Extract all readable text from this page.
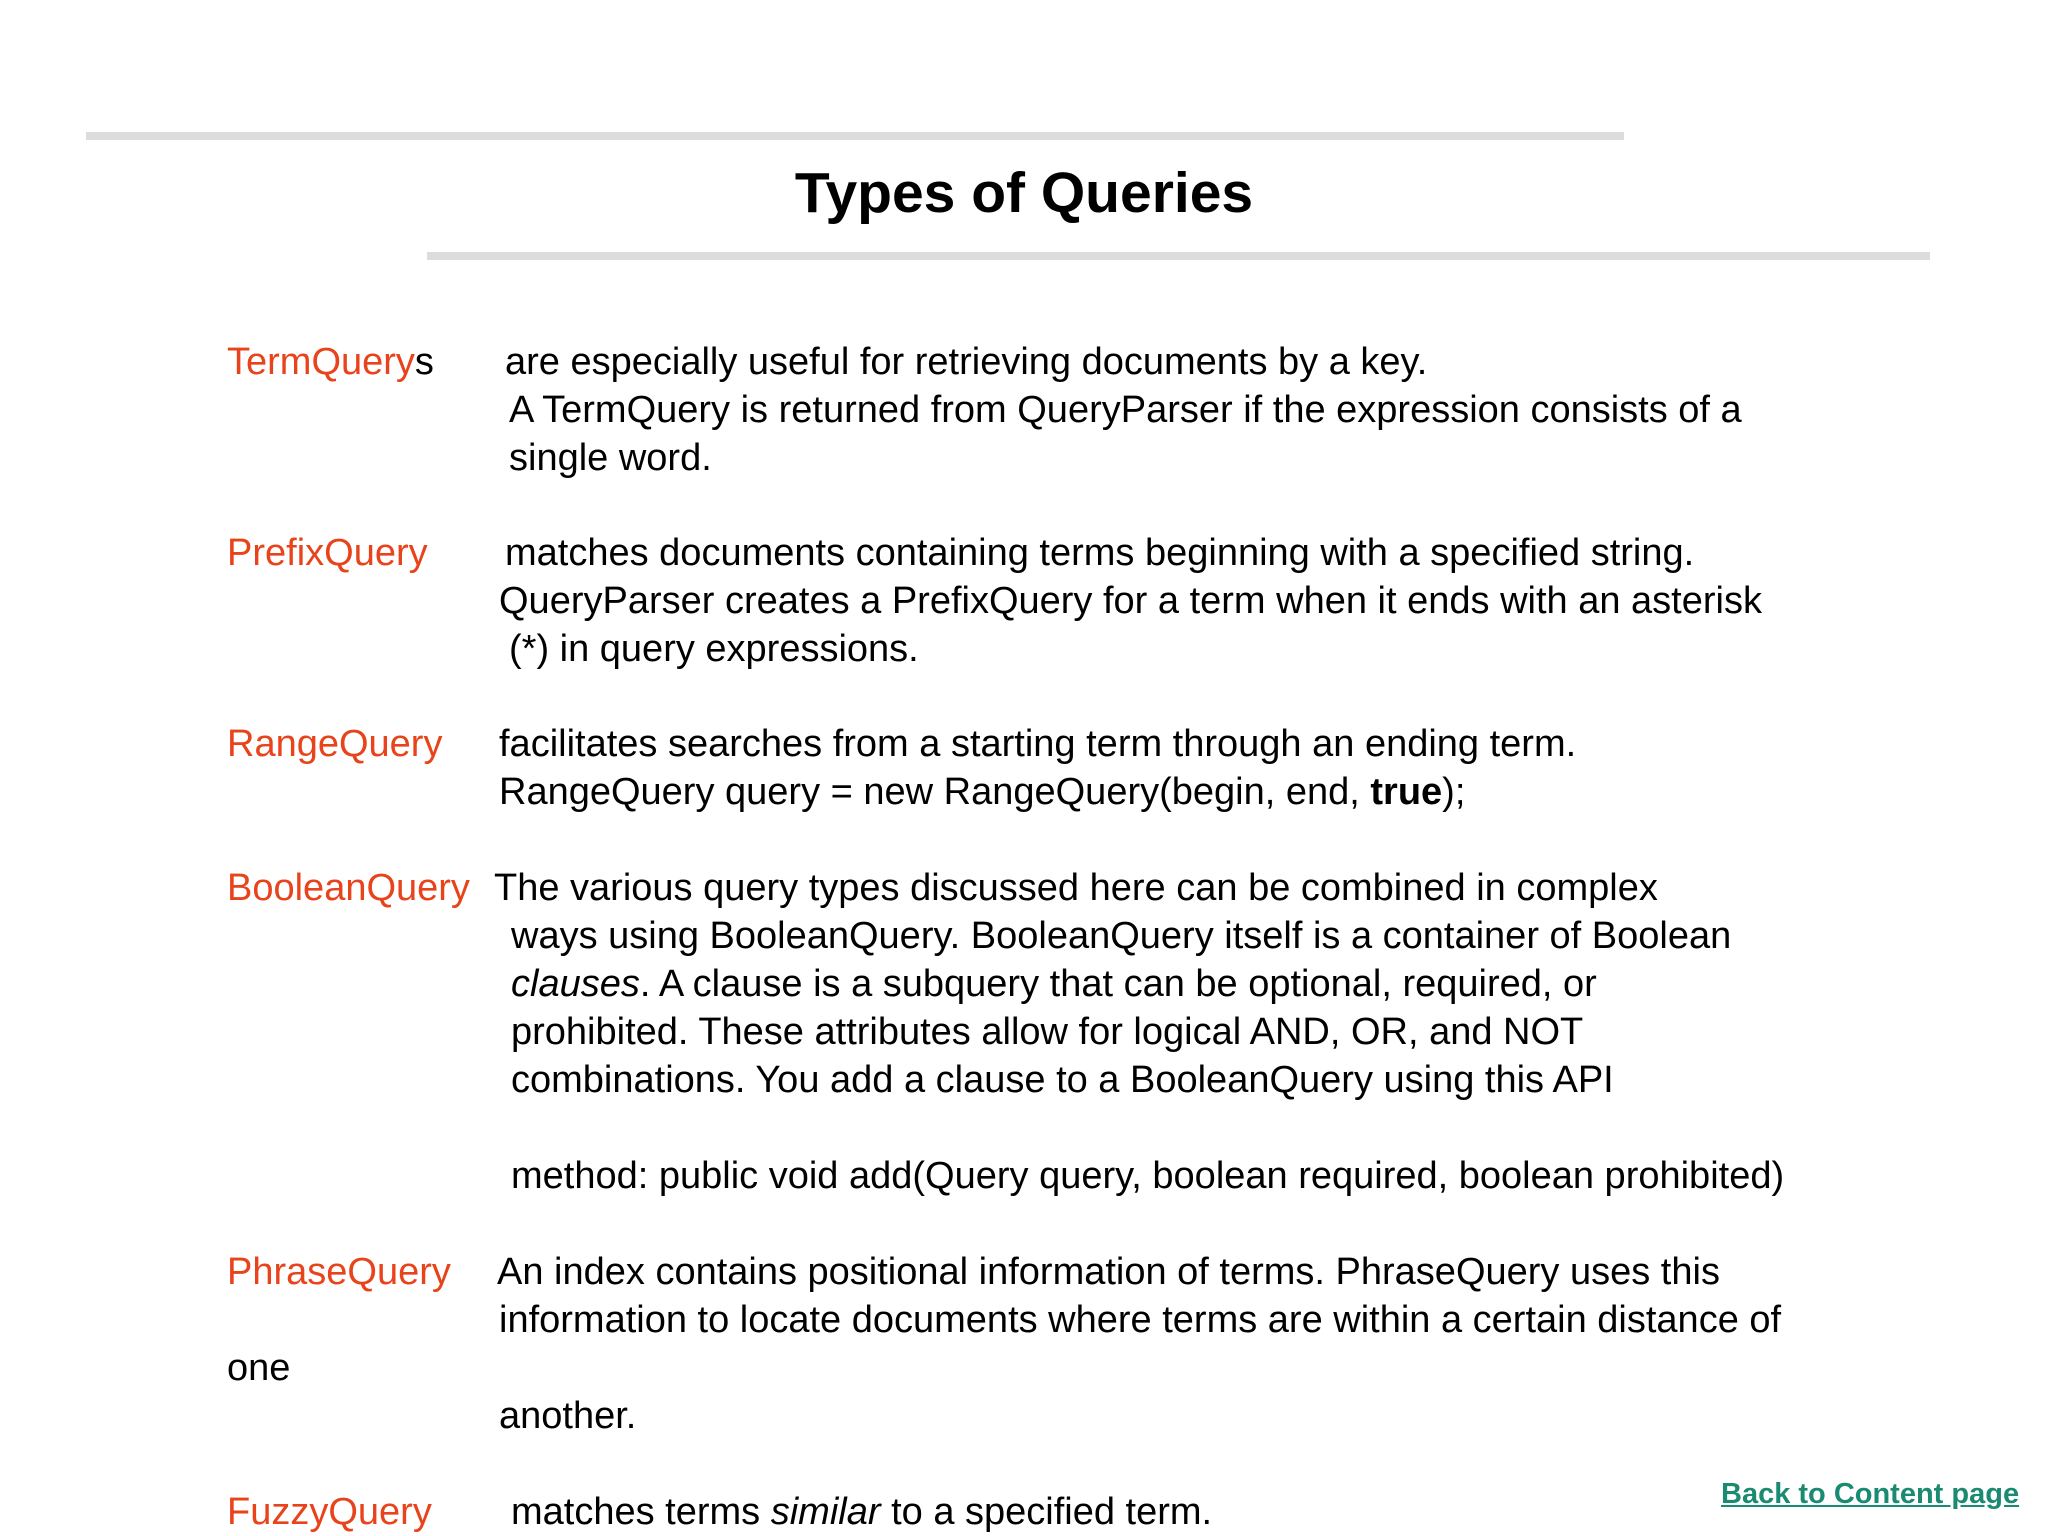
Types of Queries
TermQuerys are especially useful for retrieving documents by a key.
A TermQuery is returned from QueryParser if the expression consists of a
single word.
PrefixQuery matches documents containing terms beginning with a specified string.
QueryParser creates a PrefixQuery for a term when it ends with an asterisk
(*) in query expressions.
RangeQuery facilitates searches from a starting term through an ending term.
RangeQuery query = new RangeQuery(begin, end, true);
BooleanQuery The various query types discussed here can be combined in complex
ways using BooleanQuery. BooleanQuery itself is a container of Boolean
clauses. A clause is a subquery that can be optional, required, or
prohibited. These attributes allow for logical AND, OR, and NOT
combinations. You add a clause to a BooleanQuery using this API
method: public void add(Query query, boolean required, boolean prohibited)
PhraseQuery An index contains positional information of terms. PhraseQuery uses this
information to locate documents where terms are within a certain distance of
one
another.
FuzzyQuery matches terms similar to a specified term.	Back to Content page
